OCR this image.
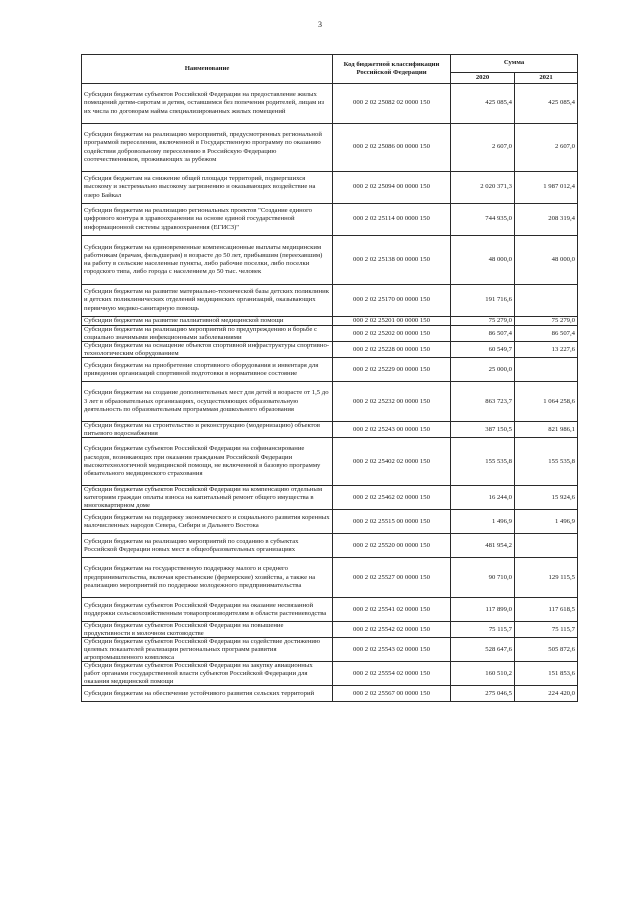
3
Наименование	Код бюджетной классификации Российской Федерации	Сумма	
		2020	2021

Субсидии бюджетам субъектов Российской Федерации на предоставление жилых помещений детям-сиротам и детям, оставшимся без попечения родителей, лицам из их числа по договорам найма специализированных жилых помещений	000 2 02 25082 02 0000 150	425 085,4	425 085,4

Субсидии бюджетам на реализацию мероприятий, предусмотренных региональной программой переселения, включенной в Государственную программу по оказанию содействия добровольному переселению в Российскую Федерацию соотечественников, проживающих за рубежом	000 2 02 25086 00 0000 150	2 607,0	2 607,0

Субсидия бюджетам на снижение общей площади территорий, подвергшихся высокому и экстремально высокому загрязнению и оказывающих воздействие на озеро Байкал	000 2 02 25094 00 0000 150	2 020 371,3	1 987 012,4

Субсидии бюджетам на реализацию региональных проектов "Создание единого цифрового контура в здравоохранении на основе единой государственной информационной системы здравоохранения (ЕГИСЗ)"	000 2 02 25114 00 0000 150	744 935,0	208 319,4

Субсидии бюджетам на единовременные компенсационные выплаты медицинским работникам (врачам, фельдшерам) в возрасте до 50 лет, прибывшим (переехавшим) на работу в сельские населенные пункты, либо рабочие поселки, либо поселки городского типа, либо города с населением до 50 тыс. человек	000 2 02 25138 00 0000 150	48 000,0	48 000,0

Субсидии бюджетам на развитие материально-технической базы детских поликлиник и детских поликлинических отделений медицинских организаций, оказывающих первичную медико-санитарную помощь	000 2 02 25170 00 0000 150	191 716,6	

Субсидии бюджетам на развитие паллиативной медицинской помощи	000 2 02 25201 00 0000 150	75 279,0	75 279,0

Субсидии бюджетам на реализацию мероприятий по предупреждению и борьбе с социально значимыми инфекционными заболеваниями	000 2 02 25202 00 0000 150	86 507,4	86 507,4

Субсидии бюджетам на оснащение объектов спортивной инфраструктуры спортивно-технологическим оборудованием	000 2 02 25228 00 0000 150	60 549,7	13 227,6

Субсидии бюджетам на приобретение спортивного оборудования и инвентаря для приведения организаций спортивной подготовки в нормативное состояние	000 2 02 25229 00 0000 150	25 000,0	

Субсидии бюджетам на создание дополнительных мест для детей в возрасте от 1,5 до 3 лет в образовательных организациях, осуществляющих образовательную деятельность по образовательным программам дошкольного образования	000 2 02 25232 00 0000 150	863 723,7	1 064 258,6

Субсидии бюджетам на строительство и реконструкцию (модернизацию) объектов питьевого водоснабжения	000 2 02 25243 00 0000 150	387 150,5	821 986,1

Субсидии бюджетам субъектов Российской Федерации на софинансирование расходов, возникающих при оказании гражданам Российской Федерации высокотехнологичной медицинской помощи, не включенной в базовую программу обязательного медицинского страхования	000 2 02 25402 02 0000 150	155 535,8	155 535,8

Субсидии бюджетам субъектов Российской Федерации на компенсацию отдельным категориям граждан оплаты взноса на капитальный ремонт общего имущества в многоквартирном доме	000 2 02 25462 02 0000 150	16 244,0	15 924,6

Субсидии бюджетам на поддержку экономического и социального развития коренных малочисленных народов Севера, Сибири и Дальнего Востока	000 2 02 25515 00 0000 150	1 496,9	1 496,9

Субсидии бюджетам на реализацию мероприятий по созданию в субъектах Российской Федерации новых мест в общеобразовательных организациях	000 2 02 25520 00 0000 150	481 954,2	

Субсидии бюджетам на государственную поддержку малого и среднего предпринимательства, включая крестьянские (фермерские) хозяйства, а также на реализацию мероприятий по поддержке молодежного предпринимательства	000 2 02 25527 00 0000 150	90 710,0	129 115,5

Субсидии бюджетам субъектов Российской Федерации на оказание несвязанной поддержки сельскохозяйственным товаропроизводителям в области растениеводства	000 2 02 25541 02 0000 150	117 899,0	117 618,5

Субсидии бюджетам субъектов Российской Федерации на повышение продуктивности в молочном скотоводстве	000 2 02 25542 02 0000 150	75 115,7	75 115,7

Субсидии бюджетам субъектов Российской Федерации на содействие достижению целевых показателей реализации региональных программ развития агропромышленного комплекса	000 2 02 25543 02 0000 150	528 647,6	505 872,6

Субсидии бюджетам субъектов Российской Федерации на закупку авиационных работ органами государственной власти субъектов Российской Федерации для оказания медицинской помощи	000 2 02 25554 02 0000 150	160 510,2	151 853,6

Субсидии бюджетам на обеспечение устойчивого развития сельских территорий	000 2 02 25567 00 0000 150	275 046,5	224 420,0
